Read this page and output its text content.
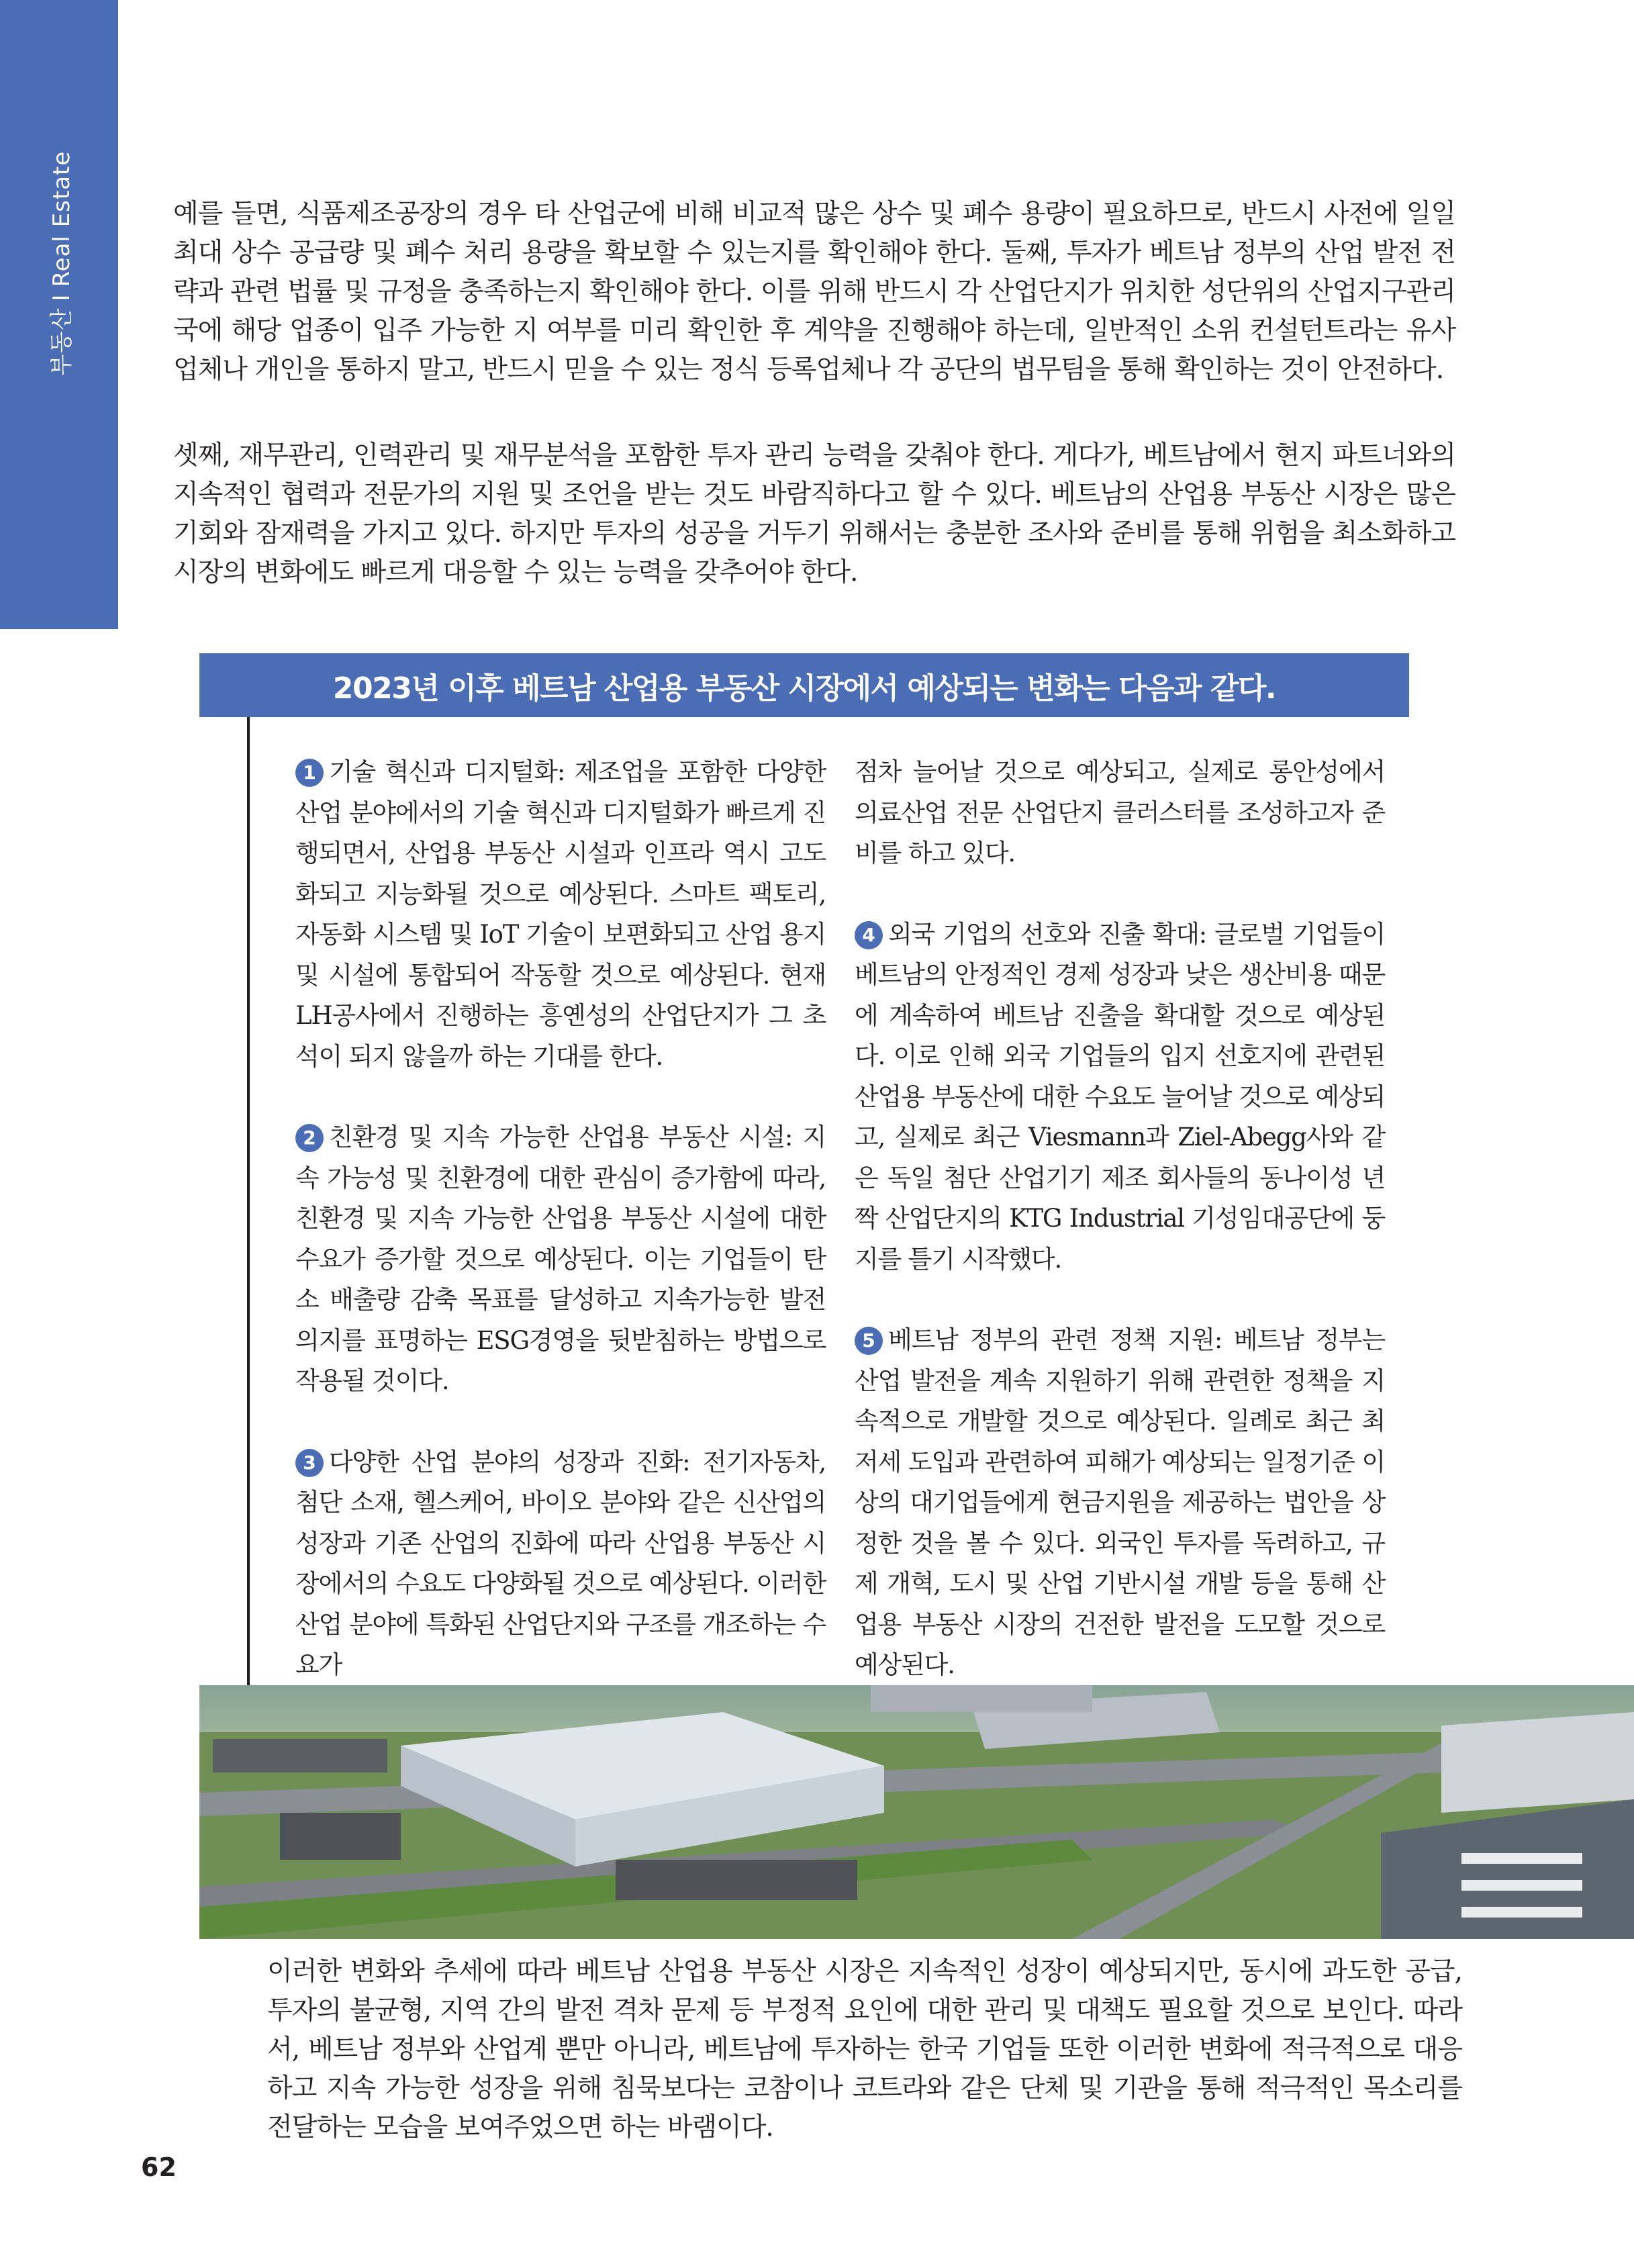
부동산IReal Estate	예를 들면, 식품제조공장의 경우 타 산업군에 비해 비교적 많은 상수 및 폐수 용량이 필요하므로, 반드시 사전에 일일 최대 상수 공급량 및 폐수 처리 용량을 확보할 수 있는지를 확인해야 한다. 둘째, 투자가 베트남 정부의 산업 발전 전략과 관련 법률 및 규정을 충족하는지 확인해야 한다. 이를 위해 반드시 각 산업단지가 위치한 성단위의 산업지구관리국에 해당 업종이 입주 가능한 지 여부를 미리 확인한 후 계약을 진행해야 하는데, 일반적인 소위 컨설턴트라는 유사업체나 개인을 통하지 말고, 반드시 믿을 수 있는 정식 등록업체나 각 공단의 법무팀을 통해 확인하는 것이 안전하다.

셋째, 재무관리, 인력관리 및 재무분석을 포함한 투자 관리 능력을 갖춰야 한다. 게다가, 베트남에서 현지 파트너와의 지속적인 협력과 전문가의 지원 및 조언을 받는 것도 바람직하다고 할 수 있다. 베트남의 산업용 부동산 시장은 많은 기회와 잠재력을 가지고 있다. 하지만 투자의 성공을 거두기 위해서는 충분한 조사와 준비를 통해 위험을 최소화하고 시장의 변화에도 빠르게 대응할 수 있는 능력을 갖추어야 한다.

2023년 이후 베트남 산업용 부동산 시장에서 예상되는 변화는 다음과 같다.

1 기술 혁신과 디지털화: 제조업을 포함한 다양한 산업 분야에서의 기술 혁신과 디지털화가 빠르게 진행되면서, 산업용 부동산 시설과 인프라 역시 고도화되고 지능화될 것으로 예상된다. 스마트 팩토리, 자동화 시스템 및 IoT 기술이 보편화되고 산업 용지 및 시설에 통합되어 작동할 것으로 예상된다. 현재 LH공사에서 진행하는 흥옌성의 산업단지가 그 초석이 되지 않을까 하는 기대를 한다.

2 친환경 및 지속 가능한 산업용 부동산 시설: 지속 가능성 및 친환경에 대한 관심이 증가함에 따라, 친환경 및 지속 가능한 산업용 부동산 시설에 대한 수요가 증가할 것으로 예상된다. 이는 기업들이 탄소 배출량 감축 목표를 달성하고 지속가능한 발전 의지를 표명하는 ESG경영을 뒷받침하는 방법으로 작용될 것이다.

3 다양한 산업 분야의 성장과 진화: 전기자동차, 첨단 소재, 헬스케어, 바이오 분야와 같은 신산업의 성장과 기존 산업의 진화에 따라 산업용 부동산 시장에서의 수요도 다양화될 것으로 예상된다. 이러한 산업 분야에 특화된 산업단지와 구조를 개조하는 수요가

점차 늘어날 것으로 예상되고, 실제로 롱안성에서 의료산업 전문 산업단지 클러스터를 조성하고자 준비를 하고 있다.

4 외국 기업의 선호와 진출 확대: 글로벌 기업들이 베트남의 안정적인 경제 성장과 낮은 생산비용 때문에 계속하여 베트남 진출을 확대할 것으로 예상된다. 이로 인해 외국 기업들의 입지 선호지에 관련된 산업용 부동산에 대한 수요도 늘어날 것으로 예상되고, 실제로 최근 Viesmann과 Ziel-Abegg사와 같은 독일 첨단 산업기기 제조 회사들의 동나이성 년짝 산업단지의 KTG Industrial 기성임대공단에 둥지를 틀기 시작했다.

5 베트남 정부의 관련 정책 지원: 베트남 정부는 산업 발전을 계속 지원하기 위해 관련한 정책을 지속적으로 개발할 것으로 예상된다. 일례로 최근 최저세 도입과 관련하여 피해가 예상되는 일정기준 이상의 대기업들에게 현금지원을 제공하는 법안을 상정한 것을 볼 수 있다. 외국인 투자를 독려하고, 규제 개혁, 도시 및 산업 기반시설 개발 등을 통해 산업용 부동산 시장의 건전한 발전을 도모할 것으로 예상된다.

이러한 변화와 추세에 따라 베트남 산업용 부동산 시장은 지속적인 성장이 예상되지만, 동시에 과도한 공급, 투자의 불균형, 지역 간의 발전 격차 문제 등 부정적 요인에 대한 관리 및 대책도 필요할 것으로 보인다. 따라서, 베트남 정부와 산업계 뿐만 아니라, 베트남에 투자하는 한국 기업들 또한 이러한 변화에 적극적으로 대응하고 지속 가능한 성장을 위해 침묵보다는 코참이나 코트라와 같은 단체 및 기관을 통해 적극적인 목소리를 전달하는 모습을 보여주었으면 하는 바램이다.

62
